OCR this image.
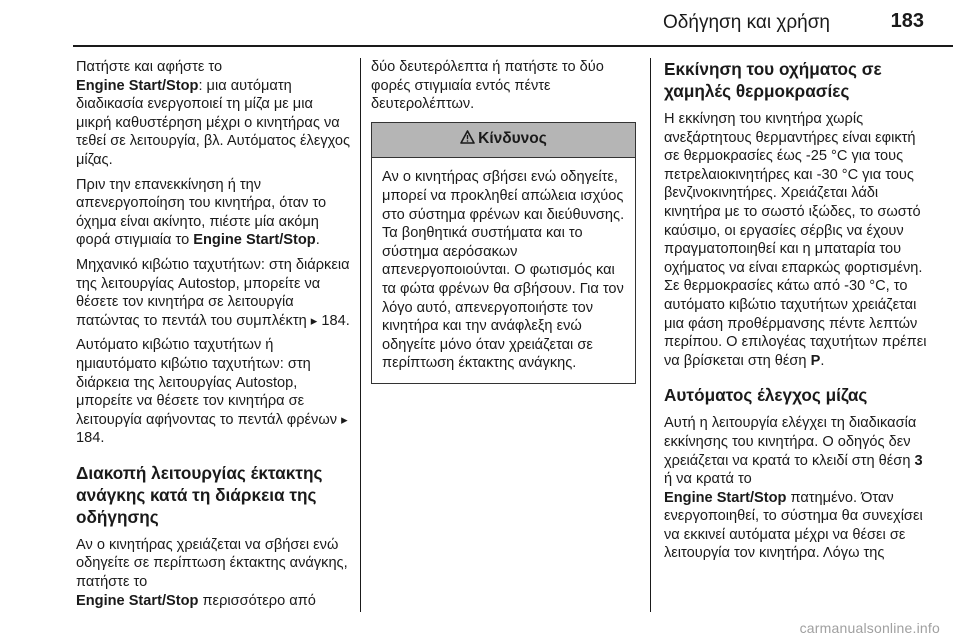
Οδήγηση και χρήση	183

Πατήστε και αφήστε το
Engine Start/Stop: μια αυτόματη διαδικασία ενεργοποιεί τη μίζα με μια μικρή καθυστέρηση μέχρι ο κινητήρας να τεθεί σε λειτουργία, βλ. Αυτόματος έλεγχος μίζας.

Πριν την επανεκκίνηση ή την απενεργοποίηση του κινητήρα, όταν το όχημα είναι ακίνητο, πιέστε μία ακόμη φορά στιγμιαία το Engine Start/Stop.

Μηχανικό κιβώτιο ταχυτήτων: στη διάρκεια της λειτουργίας Autostop, μπορείτε να θέσετε τον κινητήρα σε λειτουργία πατώντας το πεντάλ του συμπλέκτη ▸ 184.

Αυτόματο κιβώτιο ταχυτήτων ή ημιαυτόματο κιβώτιο ταχυτήτων: στη διάρκεια της λειτουργίας Autostop, μπορείτε να θέσετε τον κινητήρα σε λειτουργία αφήνοντας το πεντάλ φρένων ▸ 184.

Διακοπή λειτουργίας έκτακτης ανάγκης κατά τη διάρκεια της οδήγησης

Αν ο κινητήρας χρειάζεται να σβήσει ενώ οδηγείτε σε περίπτωση έκτακτης ανάγκης, πατήστε το
Engine Start/Stop περισσότερο από

δύο δευτερόλεπτα ή πατήστε το δύο φορές στιγμιαία εντός πέντε δευτερολέπτων.

Κίνδυνος
Αν ο κινητήρας σβήσει ενώ οδηγείτε, μπορεί να προκληθεί απώλεια ισχύος στο σύστημα φρένων και διεύθυνσης. Τα βοηθητικά συστήματα και το σύστημα αερόσακων απενεργοποιούνται. Ο φωτισμός και τα φώτα φρένων θα σβήσουν. Για τον λόγο αυτό, απενεργοποιήστε τον κινητήρα και την ανάφλεξη ενώ οδηγείτε μόνο όταν χρειάζεται σε περίπτωση έκτακτης ανάγκης.
Εκκίνηση του οχήματος σε χαμηλές θερμοκρασίες

Η εκκίνηση του κινητήρα χωρίς ανεξάρτητους θερμαντήρες είναι εφικτή σε θερμοκρασίες έως -25 °C για τους πετρελαιοκινητήρες και -30 °C για τους βενζινοκινητήρες. Χρειάζεται λάδι κινητήρα με το σωστό ιξώδες, το σωστό καύσιμο, οι εργασίες σέρβις να έχουν πραγματοποιηθεί και η μπαταρία του οχήματος να είναι επαρκώς φορτισμένη. Σε θερμοκρασίες κάτω από -30 °C, το αυτόματο κιβώτιο ταχυτήτων χρειάζεται μια φάση προθέρμανσης πέντε λεπτών περίπου. Ο επιλογέας ταχυτήτων πρέπει να βρίσκεται στη θέση P.

Αυτόματος έλεγχος μίζας

Αυτή η λειτουργία ελέγχει τη διαδικασία εκκίνησης του κινητήρα. Ο οδηγός δεν χρειάζεται να κρατά το κλειδί στη θέση 3 ή να κρατά το
Engine Start/Stop πατημένο. Όταν ενεργοποιηθεί, το σύστημα θα συνεχίσει να εκκινεί αυτόματα μέχρι να θέσει σε λειτουργία τον κινητήρα. Λόγω της

carmanualsonline.info
